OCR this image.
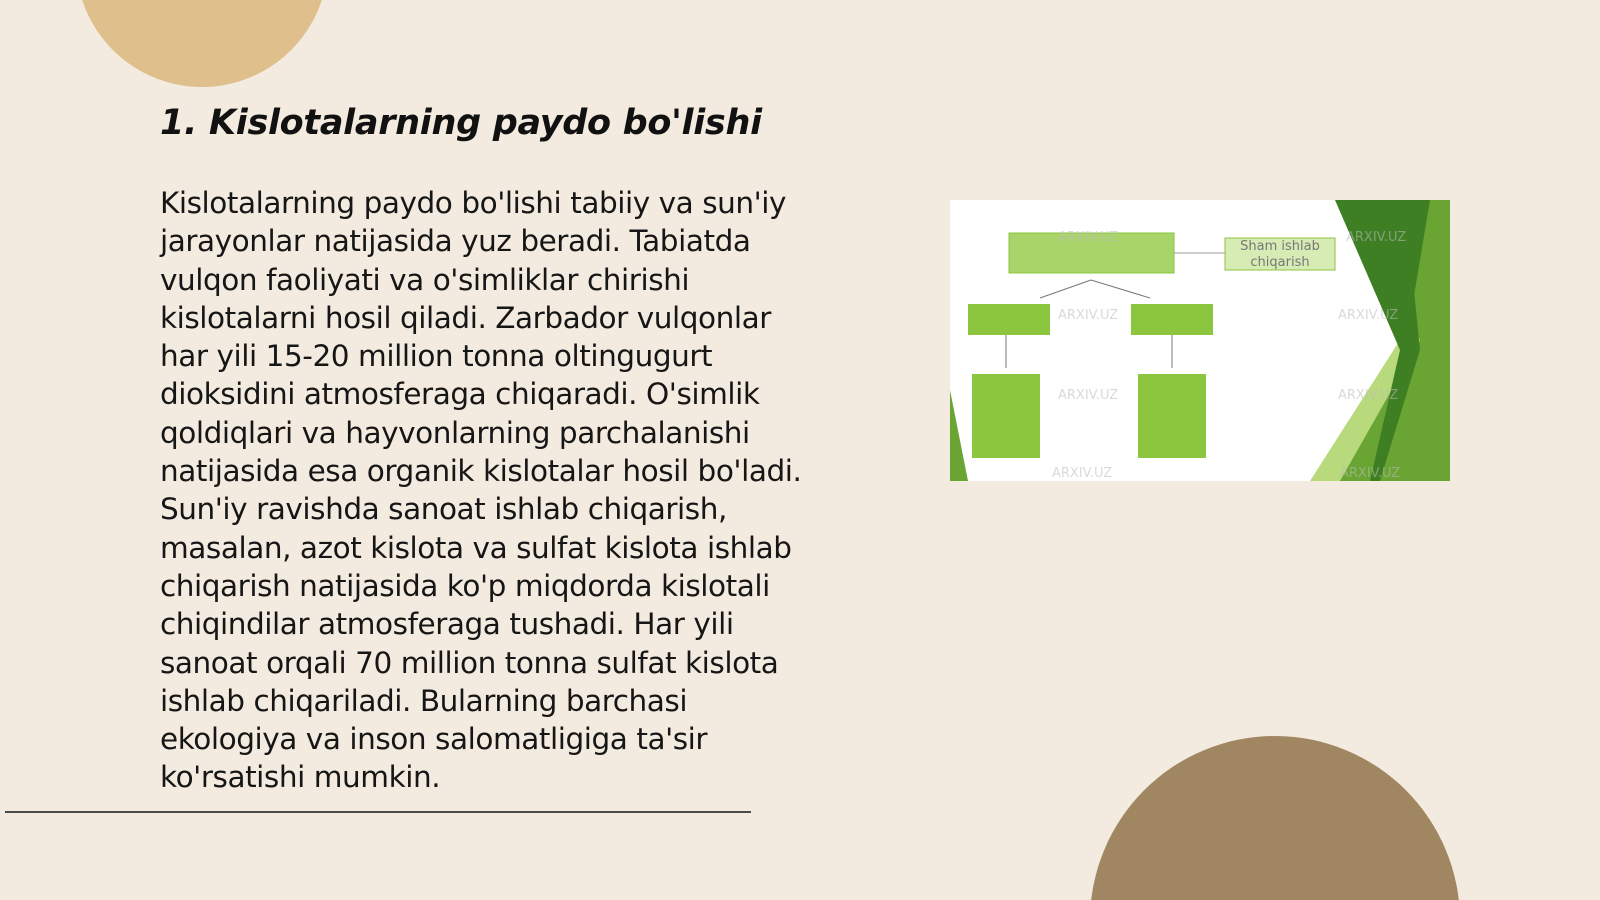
1. Kislotalarning paydo bo'lishi

Kislotalarning paydo bo'lishi tabiiy va sun'iy
jarayonlar natijasida yuz beradi. Tabiatda
vulqon faoliyati va o'simliklar chirishi
kislotalarni hosil qiladi. Zarbador vulqonlar
har yili 15-20 million tonna oltingugurt
dioksidini atmosferaga chiqaradi. O'simlik
qoldiqlari va hayvonlarning parchalanishi
natijasida esa organik kislotalar hosil bo'ladi.
Sun'iy ravishda sanoat ishlab chiqarish,
masalan, azot kislota va sulfat kislota ishlab
chiqarish natijasida ko'p miqdorda kislotali
chiqindilar atmosferaga tushadi. Har yili
sanoat orqali 70 million tonna sulfat kislota
ishlab chiqariladi. Bularning barchasi
ekologiya va inson salomatligiga ta'sir
ko'rsatishi mumkin.

Sham ishlab
chiqarish
ARXIV.UZ
ARXIV.UZ
ARXIV.UZ
ARXIV.UZ
ARXIV.UZ
ARXIV.UZ
ARXIV.UZ
ARXIV.UZ
